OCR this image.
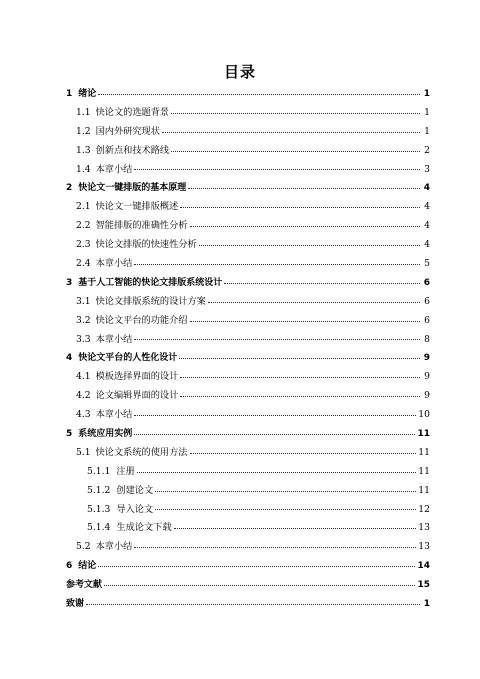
目录
1 绪论	1
1.1 快论文的选题背景	1
1.2 国内外研究现状	1
1.3 创新点和技术路线	2
1.4 本章小结	3
2 快论文一键排版的基本原理	4
2.1 快论文一键排版概述	4
2.2 智能排版的准确性分析	4
2.3 快论文排版的快速性分析	4
2.4 本章小结	5
3 基于人工智能的快论文排版系统设计	6
3.1 快论文排版系统的设计方案	6
3.2 快论文平台的功能介绍	6
3.3 本章小结	8
4 快论文平台的人性化设计	9
4.1 模板选择界面的设计	9
4.2 论文编辑界面的设计	9
4.3 本章小结	10
5 系统应用实例	11
5.1 快论文系统的使用方法	11
5.1.1 注册	11
5.1.2 创建论文	11
5.1.3 导入论文	12
5.1.4 生成论文下载	13
5.2 本章小结	13
6 结论	14
参考文献	15
致谢	1
